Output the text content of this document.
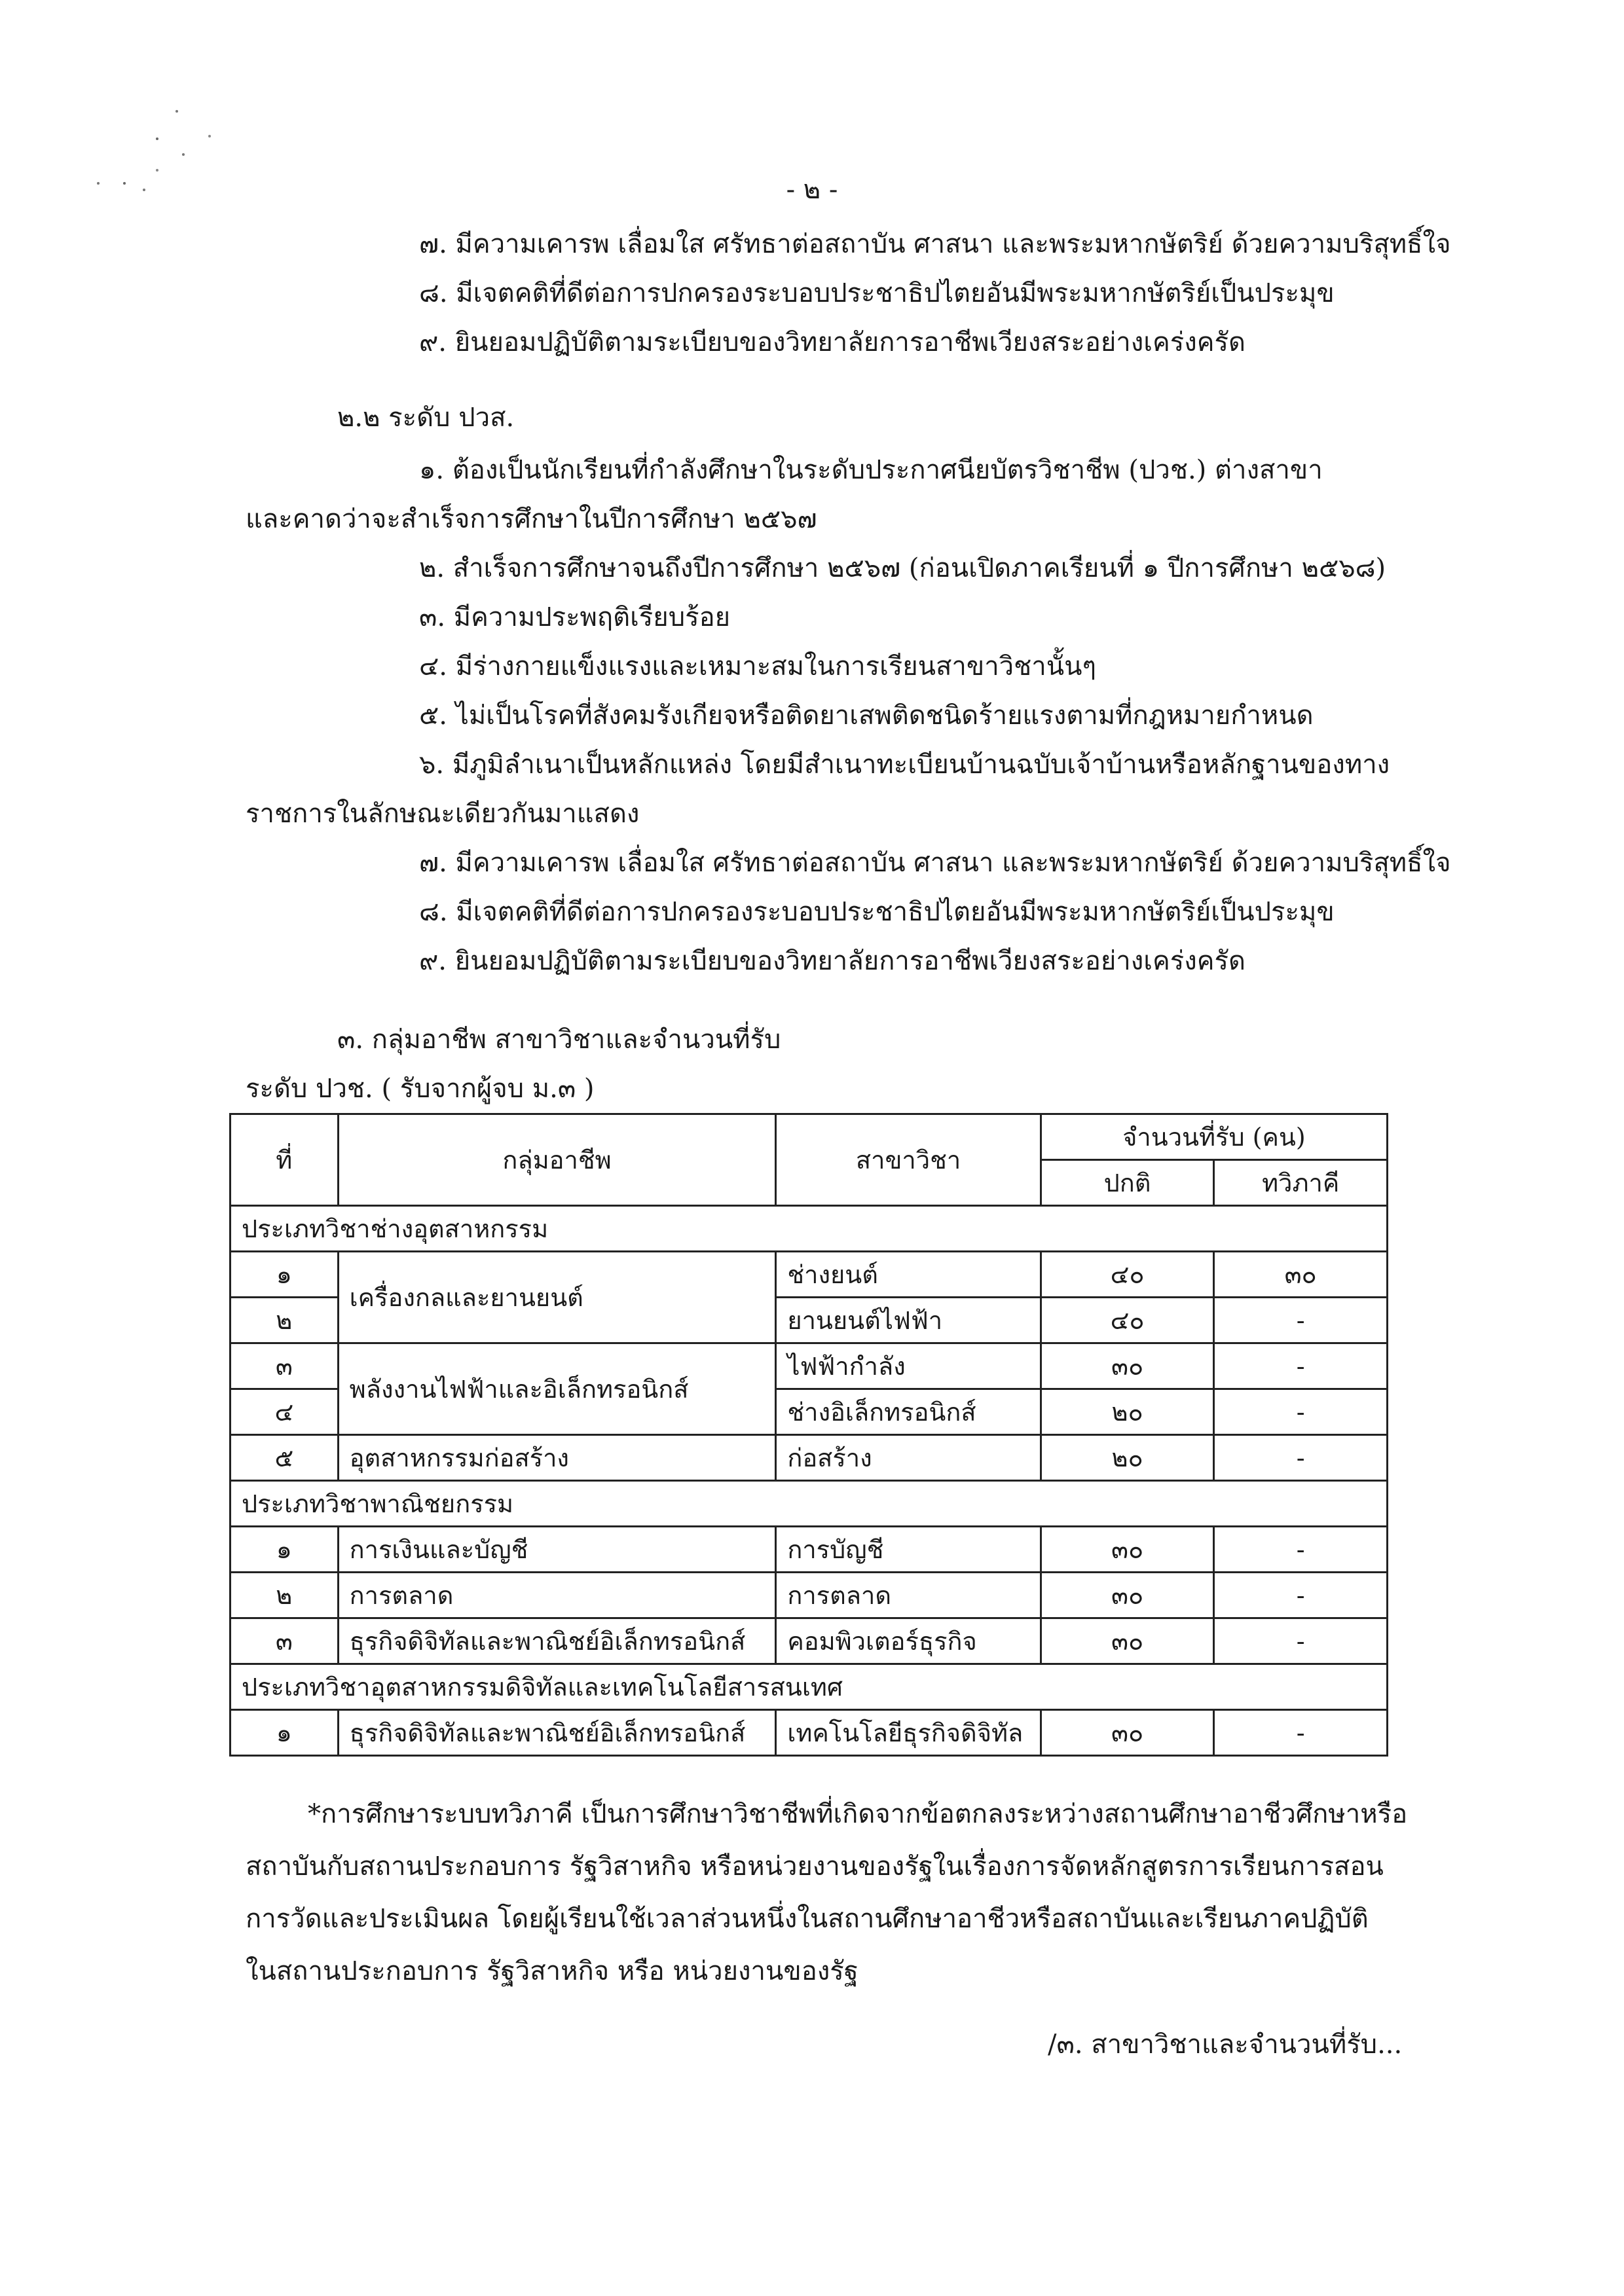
- ๒ -
๗. มีความเคารพ เลื่อมใส ศรัทธาต่อสถาบัน ศาสนา และพระมหากษัตริย์ ด้วยความบริสุทธิ์ใจ
๘. มีเจตคติที่ดีต่อการปกครองระบอบประชาธิปไตยอันมีพระมหากษัตริย์เป็นประมุข
๙. ยินยอมปฏิบัติตามระเบียบของวิทยาลัยการอาชีพเวียงสระอย่างเคร่งครัด
๒.๒ ระดับ ปวส.
๑. ต้องเป็นนักเรียนที่กำลังศึกษาในระดับประกาศนียบัตรวิชาชีพ (ปวช.) ต่างสาขา
และคาดว่าจะสำเร็จการศึกษาในปีการศึกษา ๒๕๖๗
๒. สำเร็จการศึกษาจนถึงปีการศึกษา ๒๕๖๗ (ก่อนเปิดภาคเรียนที่ ๑ ปีการศึกษา ๒๕๖๘)
๓. มีความประพฤติเรียบร้อย
๔. มีร่างกายแข็งแรงและเหมาะสมในการเรียนสาขาวิชานั้นๆ
๕. ไม่เป็นโรคที่สังคมรังเกียจหรือติดยาเสพติดชนิดร้ายแรงตามที่กฎหมายกำหนด
๖. มีภูมิลำเนาเป็นหลักแหล่ง โดยมีสำเนาทะเบียนบ้านฉบับเจ้าบ้านหรือหลักฐานของทาง
ราชการในลักษณะเดียวกันมาแสดง
๗. มีความเคารพ เลื่อมใส ศรัทธาต่อสถาบัน ศาสนา และพระมหากษัตริย์ ด้วยความบริสุทธิ์ใจ
๘. มีเจตคติที่ดีต่อการปกครองระบอบประชาธิปไตยอันมีพระมหากษัตริย์เป็นประมุข
๙. ยินยอมปฏิบัติตามระเบียบของวิทยาลัยการอาชีพเวียงสระอย่างเคร่งครัด
๓. กลุ่มอาชีพ สาขาวิชาและจำนวนที่รับ
ระดับ ปวช. ( รับจากผู้จบ ม.๓ )
ที่	กลุ่มอาชีพ	สาขาวิชา	จำนวนที่รับ (คน)	
			ปกติ	ทวิภาคี
ประเภทวิชาช่างอุตสาหกรรม				
๑	เครื่องกลและยานยนต์	ช่างยนต์	๔๐	๓๐
๒		ยานยนต์ไฟฟ้า	๔๐	-
๓	พลังงานไฟฟ้าและอิเล็กทรอนิกส์	ไฟฟ้ากำลัง	๓๐	-
๔		ช่างอิเล็กทรอนิกส์	๒๐	-
๕	อุตสาหกรรมก่อสร้าง	ก่อสร้าง	๒๐	-
ประเภทวิชาพาณิชยกรรม				
๑	การเงินและบัญชี	การบัญชี	๓๐	-
๒	การตลาด	การตลาด	๓๐	-
๓	ธุรกิจดิจิทัลและพาณิชย์อิเล็กทรอนิกส์	คอมพิวเตอร์ธุรกิจ	๓๐	-
ประเภทวิชาอุตสาหกรรมดิจิทัลและเทคโนโลยีสารสนเทศ				
๑	ธุรกิจดิจิทัลและพาณิชย์อิเล็กทรอนิกส์	เทคโนโลยีธุรกิจดิจิทัล	๓๐	-
*การศึกษาระบบทวิภาคี เป็นการศึกษาวิชาชีพที่เกิดจากข้อตกลงระหว่างสถานศึกษาอาชีวศึกษาหรือ
สถาบันกับสถานประกอบการ รัฐวิสาหกิจ หรือหน่วยงานของรัฐในเรื่องการจัดหลักสูตรการเรียนการสอน
การวัดและประเมินผล โดยผู้เรียนใช้เวลาส่วนหนึ่งในสถานศึกษาอาชีวหรือสถาบันและเรียนภาคปฏิบัติ
ในสถานประกอบการ รัฐวิสาหกิจ หรือ หน่วยงานของรัฐ
/๓. สาขาวิชาและจำนวนที่รับ...
